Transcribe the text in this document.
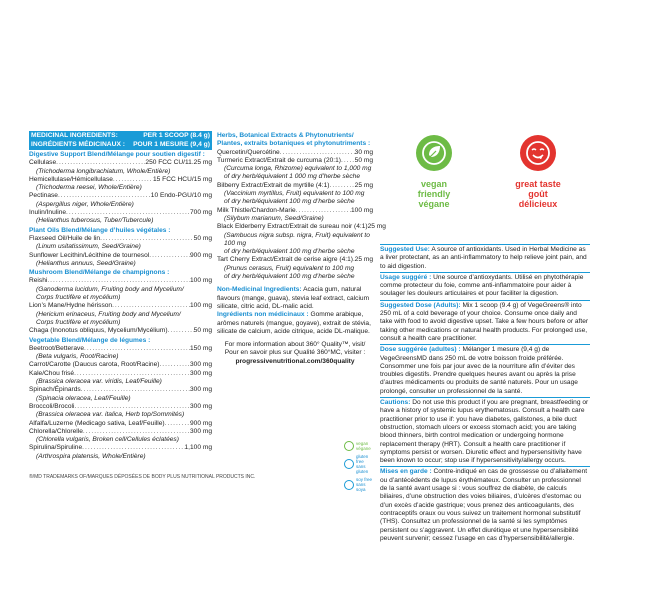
MEDICINAL INGREDIENTS:	PER 1 SCOOP (8.4 g)
INGRÉDIENTS MÉDICINAUX : POUR 1 MESURE (9,4 g)
Digestive Support Blend/Mélange pour soutien digestif :
Cellulase .....	250 FCC CU/11.25 mg
(Trichoderma longibrachiatum, Whole/Entière)
Hemicellulase/Hémicellulase .....	15 FCC HCU/15 mg
(Trichoderma reesei, Whole/Entière)
Pectinase .....	10 Endo-PGU/10 mg
(Aspergillus niger, Whole/Entière)
Inulin/Inuline .....	700 mg
(Helianthus tuberosus, Tuber/Tubercule)
Plant Oils Blend/Mélange d’huiles végétales :
Flaxseed Oil/Huile de lin .....	50 mg
(Linum usitatissimum, Seed/Graine)
Sunflower Lecithin/Lécithine de tournesol .....	900 mg
(Helianthus annuus, Seed/Graine)
Mushroom Blend/Mélange de champignons :
Reishi .....	100 mg
(Ganoderma lucidum, Fruiting body and Mycelium/
Corps fructifère et mycélium)
Lion’s Mane/Hydne hérisson .....	100 mg
(Hericium erinaceus, Fruiting body and Mycelium/
Corps fructifère et mycélium)
Chaga (Inonotus obliquus, Mycelium/Mycélium) .....	50 mg
Vegetable Blend/Mélange de légumes :
Beetroot/Betterave .....	150 mg
(Beta vulgaris, Root/Racine)
Carrot/Carotte (Daucus carota, Root/Racine) .....	300 mg
Kale/Chou frisé .....	300 mg
(Brassica oleracea var. viridis, Leaf/Feuille)
Spinach/Épinards .....	300 mg
(Spinacia oleracea, Leaf/Feuille)
Broccoli/Brocoli .....	300 mg
(Brassica oleracea var. italica, Herb top/Sommités)
Alfalfa/Luzerne (Medicago sativa, Leaf/Feuille) .....	900 mg
Chlorella/Chlorelle .....	300 mg
(Chlorella vulgaris, Broken cell/Cellules éclatées)
Spirulina/Spiruline .....	1,100 mg
(Arthrospira platensis, Whole/Entière)
Herbs, Botanical Extracts & Phytonutrients/
Plantes, extraits botaniques et phytonutriments :
Quercetin/Quercétine .....	30 mg
Turmeric Extract/Extrait de curcuma (20:1) ..... 50 mg
(Curcuma longa, Rhizome) equivalent to 1,000 mg
of dry herb/équivalent 1 000 mg d’herbe sèche
Bilberry Extract/Extrait de myrtille (4:1) .....	25 mg
(Vaccinium myrtillus, Fruit) equivalent to 100 mg
of dry herb/équivalent 100 mg d’herbe sèche
Milk Thistle/Chardon-Marie .....	100 mg
(Silybum marianum, Seed/Graine)
Black Elderberry Extract/Extrait de sureau noir (4:1) 25 mg
(Sambucus nigra subsp. nigra, Fruit) equivalent to 100 mg
of dry herb/équivalent 100 mg d’herbe sèche
Tart Cherry Extract/Extrait de cerise aigre (4:1) ..... 25 mg
(Prunus cerasus, Fruit) equivalent to 100 mg
of dry herb/équivalent 100 mg d’herbe sèche

Non-Medicinal Ingredients: Acacia gum, natural flavours (mange, guava), stevia leaf extract, calcium silicate, citric acid, DL-malic acid.

Ingrédients non médicinaux : Gomme arabique, arômes naturels (mangue, goyave), extrait de stévia, silicate de calcium, acide citrique, acide DL-malique.

For more information about 360° Quality™, visit/
Pour en savoir plus sur Qualité 360°MC, visiter :
progressivenutritional.com/360quality
vegan friendly
végane
great taste
goût délicieux
vegan
végane
gluten free
sans gluten
soy free
sans soya

Suggested Use: A source of antioxidants. Used in Herbal Medicine as a liver protectant, as an anti-inflammatory to help relieve joint pain, and to aid digestion.

Usage suggéré : Une source d’antioxydants. Utilisé en phytothérapie comme protecteur du foie, comme anti-inflammatoire pour aider à soulager les douleurs articulaires et pour faciliter la digestion.

Suggested Dose (Adults): Mix 1 scoop (9.4 g) of VegeGreens® into 250 mL of a cold beverage of your choice. Consume once daily and take with food to avoid digestive upset. Take a few hours before or after taking other medications or natural health products. For prolonged use, consult a health care practitioner.

Dose suggérée (adultes) : Mélanger 1 mesure (9,4 g) de VegeGreensMD dans 250 mL de votre boisson froide préférée. Consommer une fois par jour avec de la nourriture afin d’éviter des troubles digestifs. Prendre quelques heures avant ou après la prise d’autres médicaments ou produits de santé naturels. Pour un usage prolongé, consulter un professionnel de la santé.

Cautions: Do not use this product if you are pregnant, breastfeeding or have a history of systemic lupus erythematosus. Consult a health care practitioner prior to use if: you have diabetes, gallstones, a bile duct obstruction, stomach ulcers or excess stomach acid; you are taking blood thinners, birth control medication or undergoing hormone replacement therapy (HRT). Consult a health care practitioner if symptoms persist or worsen. Diuretic effect and hypersensitivity have been known to occur; stop use if hypersensitivity/allergy occurs.

Mises en garde : Contre-indiqué en cas de grossesse ou d’allaitement ou d’antécédents de lupus érythémateux. Consulter un professionnel de la santé avant usage si : vous souffrez de diabète, de calculs biliaires, d’une obstruction des voies biliaires, d’ulcères d’estomac ou d’un excès d’acide gastrique; vous prenez des anticoagulants, des contraceptifs oraux ou vous suivez un traitement hormonal substitutif (THS). Consultez un professionnel de la santé si les symptômes persistent ou s’aggravent. Un effet diurétique et une hypersensibilité peuvent survenir; cessez l’usage en cas d’hypersensibilité/allergie.

®/MD TRADEMARKS OF/MARQUES DÉPOSÉES DE BODY PLUS NUTRITIONAL PRODUCTS INC.
